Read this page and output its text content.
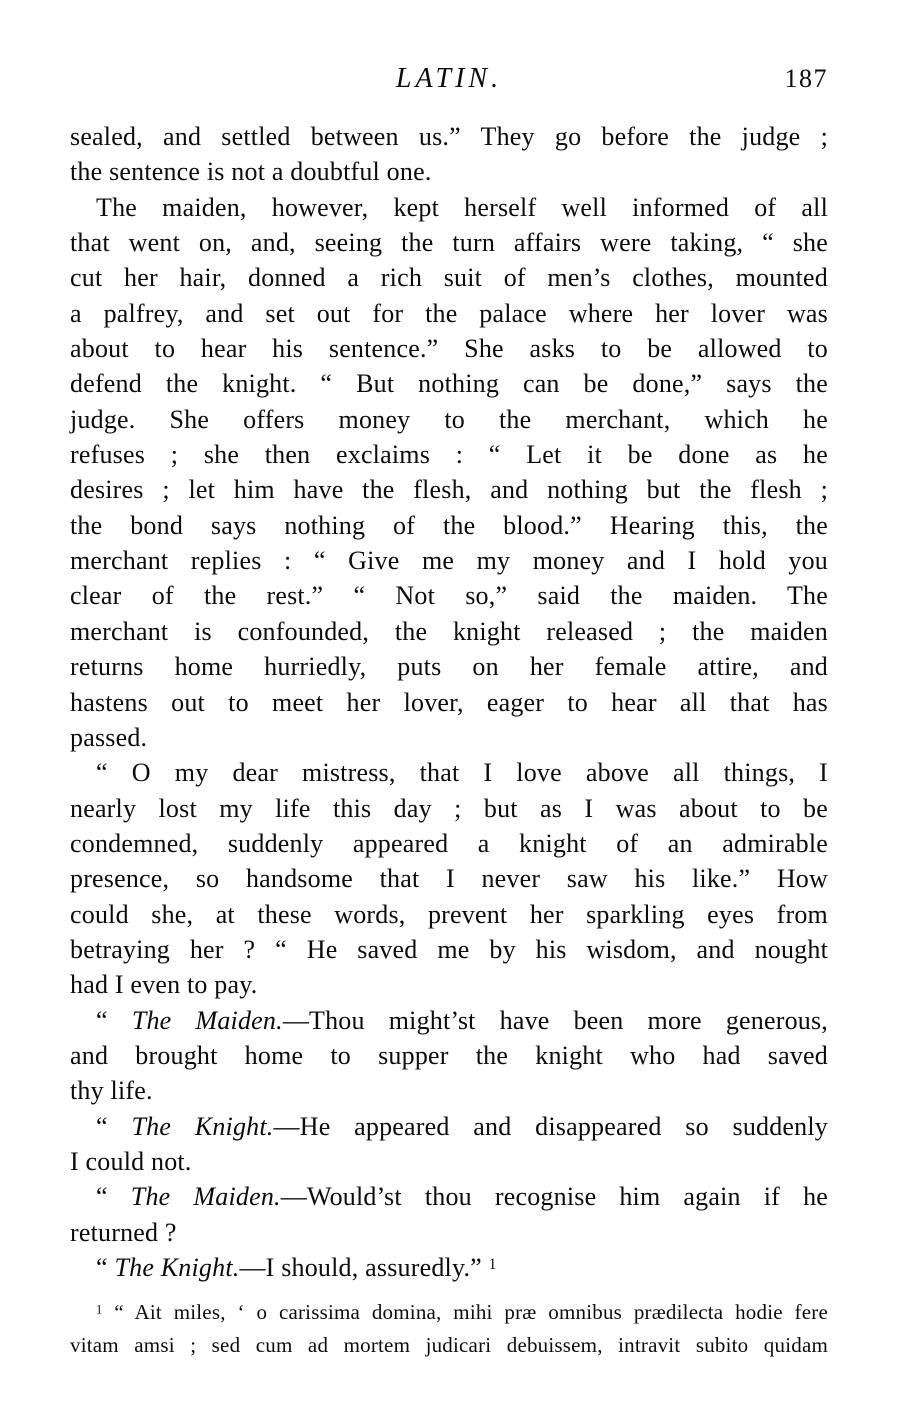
LATIN.	187
sealed, and settled between us.” They go before the judge ;
the sentence is not a doubtful one.
The maiden, however, kept herself well informed of all
that went on, and, seeing the turn affairs were taking, “ she
cut her hair, donned a rich suit of men’s clothes, mounted
a palfrey, and set out for the palace where her lover was
about to hear his sentence.” She asks to be allowed to
defend the knight. “ But nothing can be done,” says the
judge. She offers money to the merchant, which he
refuses ; she then exclaims : “ Let it be done as he
desires ; let him have the flesh, and nothing but the flesh ;
the bond says nothing of the blood.” Hearing this, the
merchant replies : “ Give me my money and I hold you
clear of the rest.” “ Not so,” said the maiden. The
merchant is confounded, the knight released ; the maiden
returns home hurriedly, puts on her female attire, and
hastens out to meet her lover, eager to hear all that has
passed.
“ O my dear mistress, that I love above all things, I
nearly lost my life this day ; but as I was about to be
condemned, suddenly appeared a knight of an admirable
presence, so handsome that I never saw his like.” How
could she, at these words, prevent her sparkling eyes from
betraying her ? “ He saved me by his wisdom, and nought
had I even to pay.
“ The Maiden.—Thou might’st have been more generous,
and brought home to supper the knight who had saved
thy life.
“ The Knight.—He appeared and disappeared so suddenly
I could not.
“ The Maiden.—Would’st thou recognise him again if he
returned ?
“ The Knight.—I should, assuredly.” $^1$
$^1$ “ Ait miles, ‘ o carissima domina, mihi præ omnibus prædilecta hodie fere
vitam amsi ; sed cum ad mortem judicari debuissem, intravit subito quidam
